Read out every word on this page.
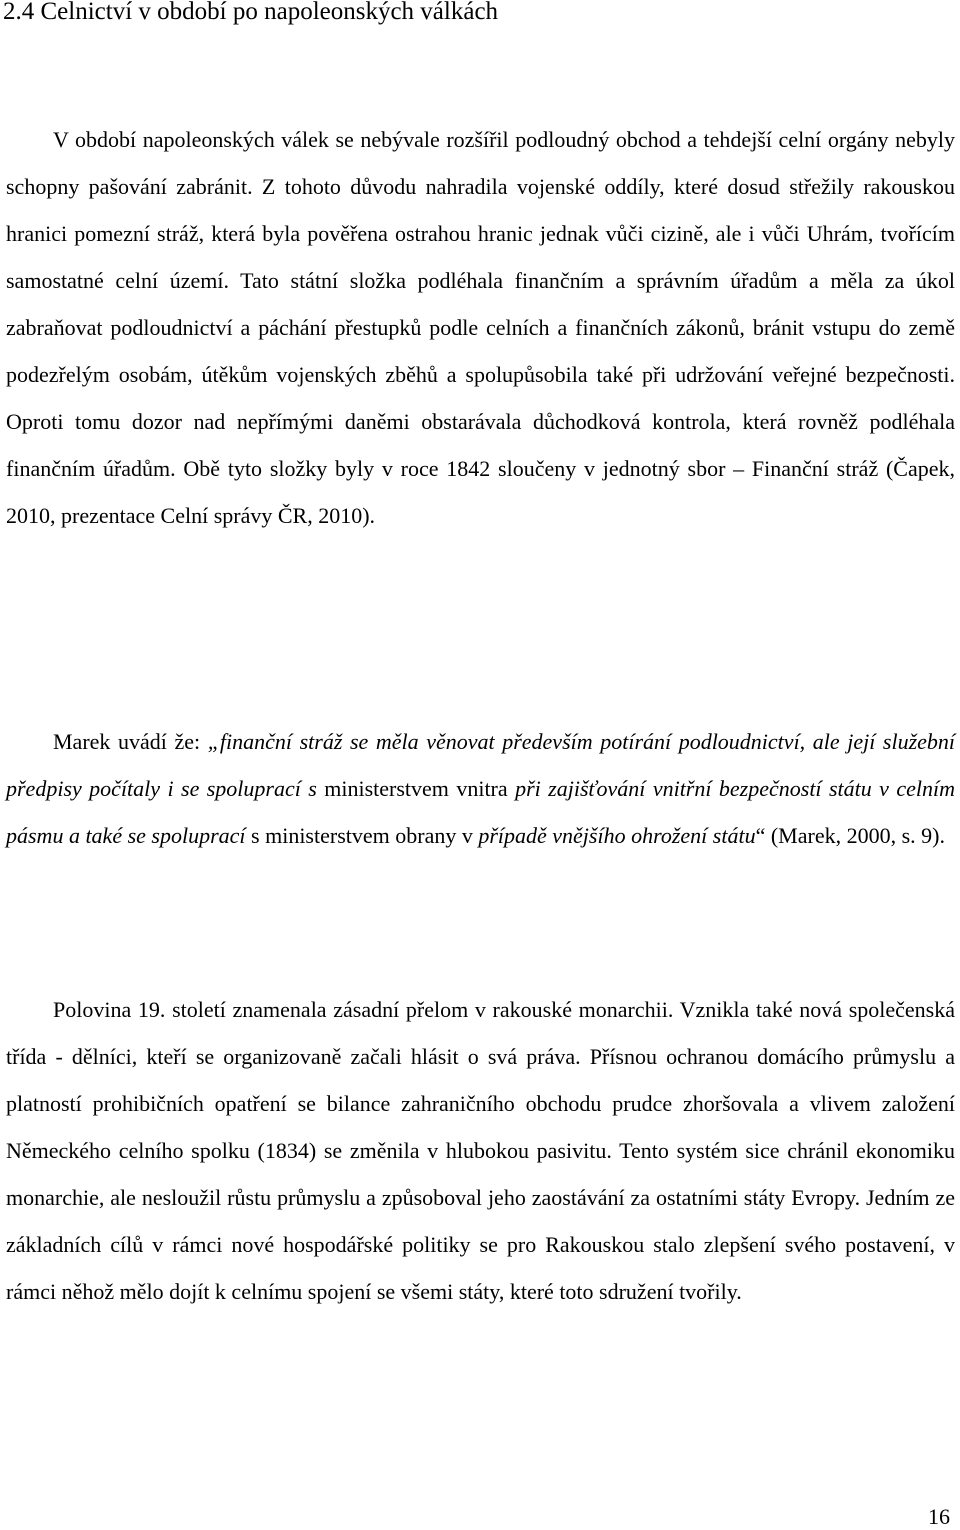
2.4 Celnictví v období po napoleonských válkách

V období napoleonských válek se nebývale rozšířil podloudný obchod a tehdejší celní orgány nebyly schopny pašování zabránit. Z tohoto důvodu nahradila vojenské oddíly, které dosud střežily rakouskou hranici pomezní stráž, která byla pověřena ostrahou hranic jednak vůči cizině, ale i vůči Uhrám, tvořícím samostatné celní území. Tato státní složka podléhala finančním a správním úřadům a měla za úkol zabraňovat podloudnictví a páchání přestupků podle celních a finančních zákonů, bránit vstupu do země podezřelým osobám, útěkům vojenských zběhů a spolupůsobila také při udržování veřejné bezpečnosti. Oproti tomu dozor nad nepřímými daněmi obstarávala důchodková kontrola, která rovněž podléhala finančním úřadům. Obě tyto složky byly v roce 1842 sloučeny v jednotný sbor – Finanční stráž (Čapek, 2010, prezentace Celní správy ČR, 2010).

Marek uvádí že: „finanční stráž se měla věnovat především potírání podloudnictví, ale její služební předpisy počítaly i se spoluprací s ministerstvem vnitra při zajišťování vnitřní bezpečností státu v celním pásmu a také se spoluprací s ministerstvem obrany v případě vnějšího ohrožení státu“ (Marek, 2000, s. 9).

Polovina 19. století znamenala zásadní přelom v rakouské monarchii. Vznikla také nová společenská třída - dělníci, kteří se organizovaně začali hlásit o svá práva. Přísnou ochranou domácího průmyslu a platností prohibičních opatření se bilance zahraničního obchodu prudce zhoršovala a vlivem založení Německého celního spolku (1834) se změnila v hlubokou pasivitu. Tento systém sice chránil ekonomiku monarchie, ale nesloužil růstu průmyslu a způsoboval jeho zaostávání za ostatními státy Evropy. Jedním ze základních cílů v rámci nové hospodářské politiky se pro Rakouskou stalo zlepšení svého postavení, v rámci něhož mělo dojít k celnímu spojení se všemi státy, které toto sdružení tvořily.

16
